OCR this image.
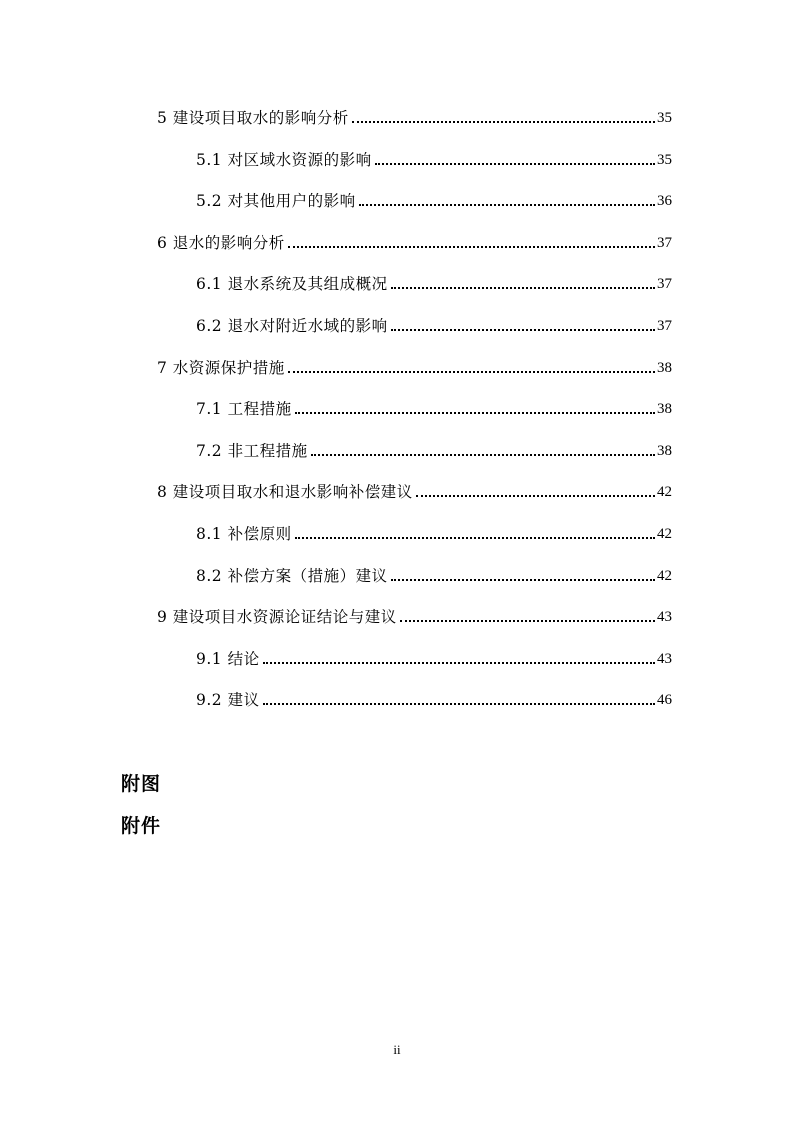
5 建设项目取水的影响分析	35
5.1 对区域水资源的影响	35
5.2 对其他用户的影响	36
6 退水的影响分析	37
6.1 退水系统及其组成概况	37
6.2 退水对附近水域的影响	37
7 水资源保护措施	38
7.1 工程措施	38
7.2 非工程措施	38
8 建设项目取水和退水影响补偿建议	42
8.1 补偿原则	42
8.2 补偿方案（措施）建议	42
9 建设项目水资源论证结论与建议	43
9.1 结论	43
9.2 建议	46
附图
附件
ii
